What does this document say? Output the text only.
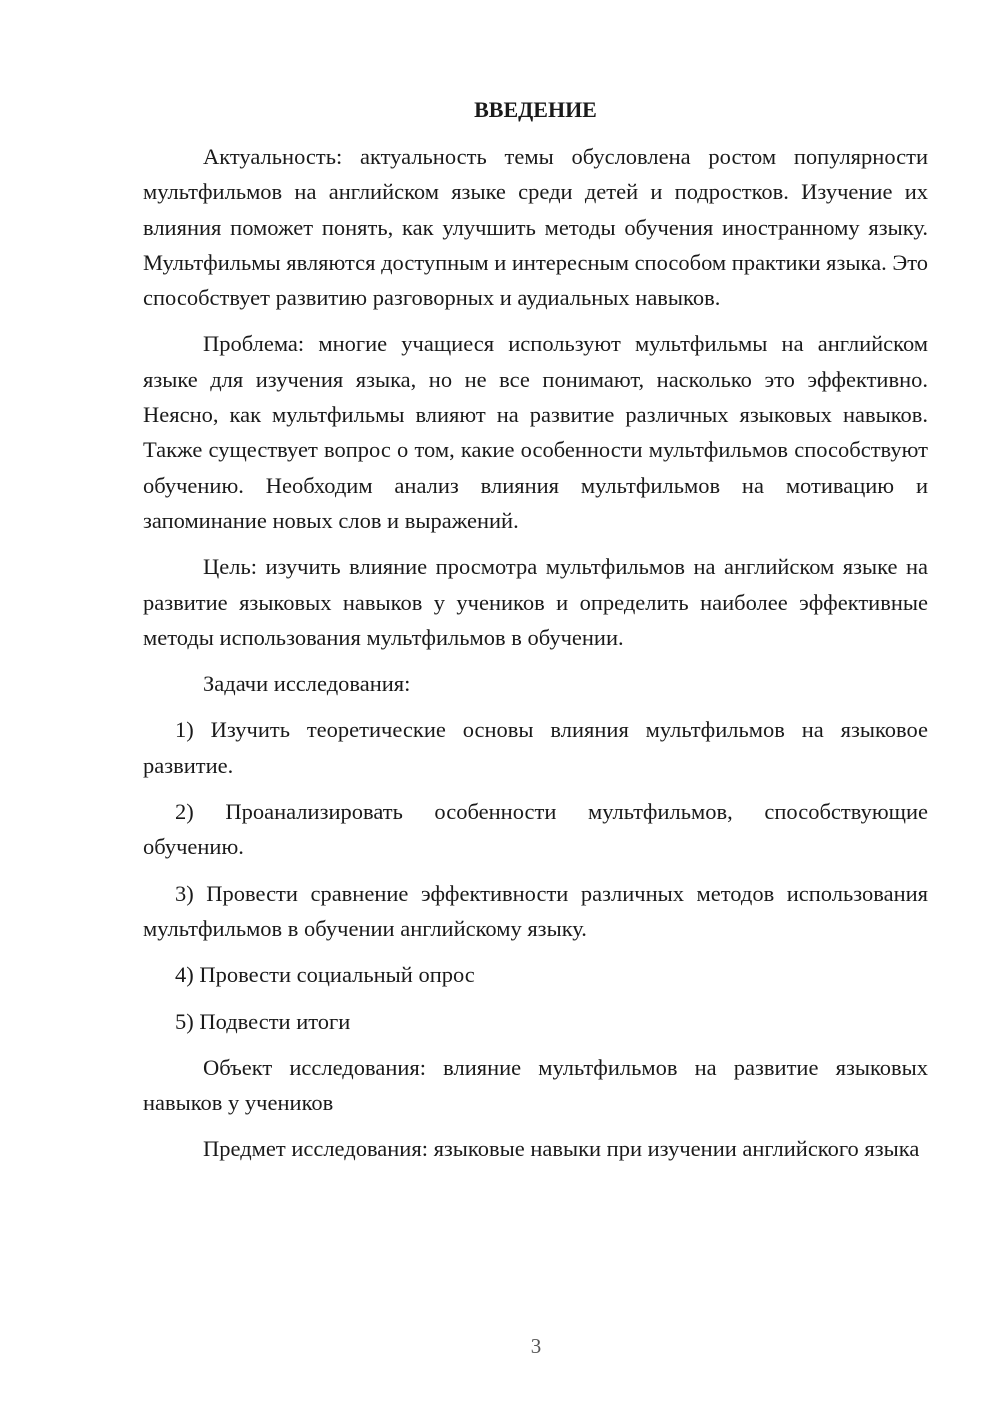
ВВЕДЕНИЕ

Актуальность: актуальность темы обусловлена ростом популярности мультфильмов на английском языке среди детей и подростков. Изучение их влияния поможет понять, как улучшить методы обучения иностранному языку. Мультфильмы являются доступным и интересным способом практики языка. Это способствует развитию разговорных и аудиальных навыков.

Проблема: многие учащиеся используют мультфильмы на английском языке для изучения языка, но не все понимают, насколько это эффективно. Неясно, как мультфильмы влияют на развитие различных языковых навыков. Также существует вопрос о том, какие особенности мультфильмов способствуют обучению. Необходим анализ влияния мультфильмов на мотивацию и запоминание новых слов и выражений.

Цель: изучить влияние просмотра мультфильмов на английском языке на развитие языковых навыков у учеников и определить наиболее эффективные методы использования мультфильмов в обучении.

Задачи исследования:

1) Изучить теоретические основы влияния мультфильмов на языковое развитие.

2) Проанализировать особенности мультфильмов, способствующие обучению.

3) Провести сравнение эффективности различных методов использования мультфильмов в обучении английскому языку.

4) Провести социальный опрос

5) Подвести итоги

Объект исследования: влияние мультфильмов на развитие языковых навыков у учеников

Предмет исследования: языковые навыки при изучении английского языка

3
